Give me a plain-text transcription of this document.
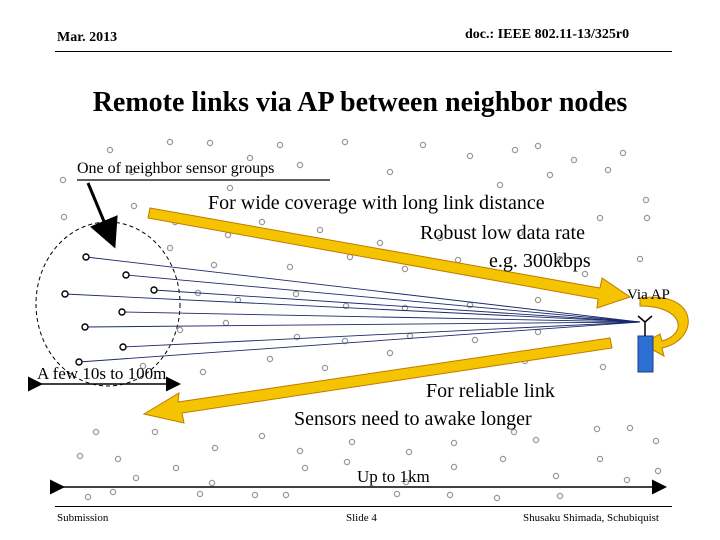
Mar. 2013	doc.: IEEE 802.11-13/325r0
Remote links via AP between neighbor nodes
One of neighbor sensor groups
For wide coverage with long link distance
Robust low data rate
e.g. 300kbps
Via AP
A few 10s to 100m
For reliable link
Sensors need to awake longer
Up to 1km
Submission	Slide 4	Shusaku Shimada, Schubiquist
